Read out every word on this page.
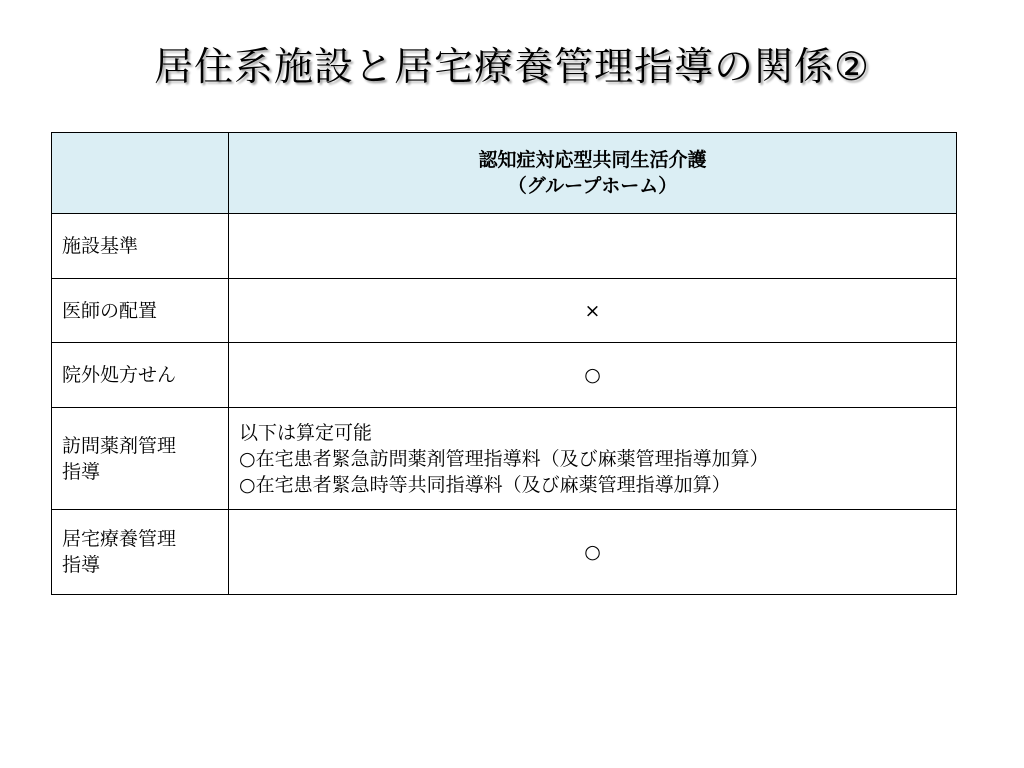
居住系施設と居宅療養管理指導の関係②

	認知症対応型共同生活介護
（グループホーム）

施設基準	

医師の配置	×

院外処方せん	○

訪問薬剤管理
指導	以下は算定可能
○在宅患者緊急訪問薬剤管理指導料（及び麻薬管理指導加算）
○在宅患者緊急時等共同指導料（及び麻薬管理指導加算）

居宅療養管理
指導	○
